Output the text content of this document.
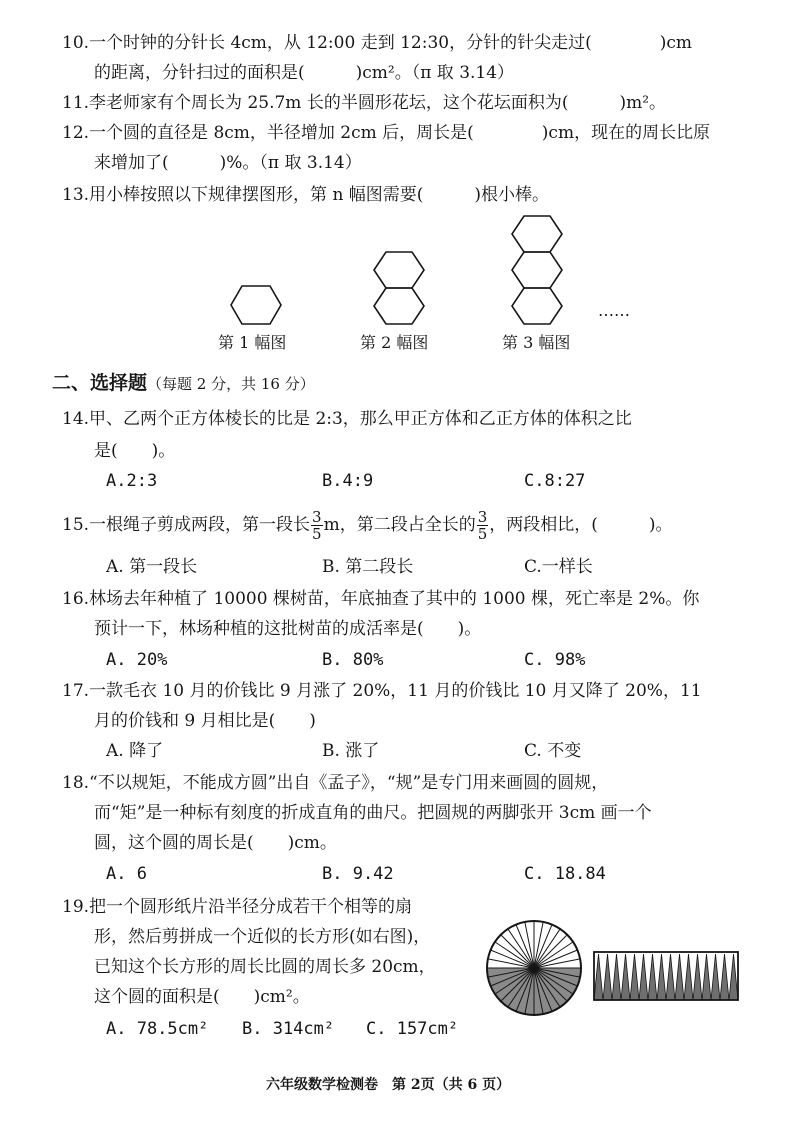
10.一个时钟的分针长 4cm，从 12:00 走到 12:30，分针的针尖走过(　　　　)cm
的距离，分针扫过的面积是(　　　)cm²。（π 取 3.14）
11.李老师家有个周长为 25.7m 长的半圆形花坛，这个花坛面积为(　　　)m²。
12.一个圆的直径是 8cm，半径增加 2cm 后，周长是(　　　　)cm，现在的周长比原
来增加了(　　　)%。（π 取 3.14）
13.用小棒按照以下规律摆图形，第 n 幅图需要(　　　)根小棒。
……
第 1 幅图	第 2 幅图	第 3 幅图
二、选择题（每题 2 分，共 16 分）
14.甲、乙两个正方体棱长的比是 2:3，那么甲正方体和乙正方体的体积之比
是(　　)。
A.2:3	B.4:9	C.8:27
15.一根绳子剪成两段，第一段长 $\frac{3}{5}$ m，第二段占全长的 $\frac{3}{5}$ ，两段相比，(　　　)。
A. 第一段长	B. 第二段长	C.一样长
16.林场去年种植了 10000 棵树苗，年底抽查了其中的 1000 棵，死亡率是 2%。你
预计一下，林场种植的这批树苗的成活率是(　　)。
A. 20%	B. 80%	C. 98%
17.一款毛衣 10 月的价钱比 9 月涨了 20%，11 月的价钱比 10 月又降了 20%，11
月的价钱和 9 月相比是(　　)
A. 降了	B. 涨了	C. 不变
18.“不以规矩，不能成方圆”出自《孟子》，“规”是专门用来画圆的圆规，
而“矩”是一种标有刻度的折成直角的曲尺。把圆规的两脚张开 3cm 画一个
圆，这个圆的周长是(　　)cm。
A. 6	B. 9.42	C. 18.84
19.把一个圆形纸片沿半径分成若干个相等的扇
形，然后剪拼成一个近似的长方形(如右图)，
已知这个长方形的周长比圆的周长多 20cm，
这个圆的面积是(　　)cm²。
A. 78.5cm² B. 314cm² C. 157cm²
六年级数学检测卷　第 2页（共 6 页）
